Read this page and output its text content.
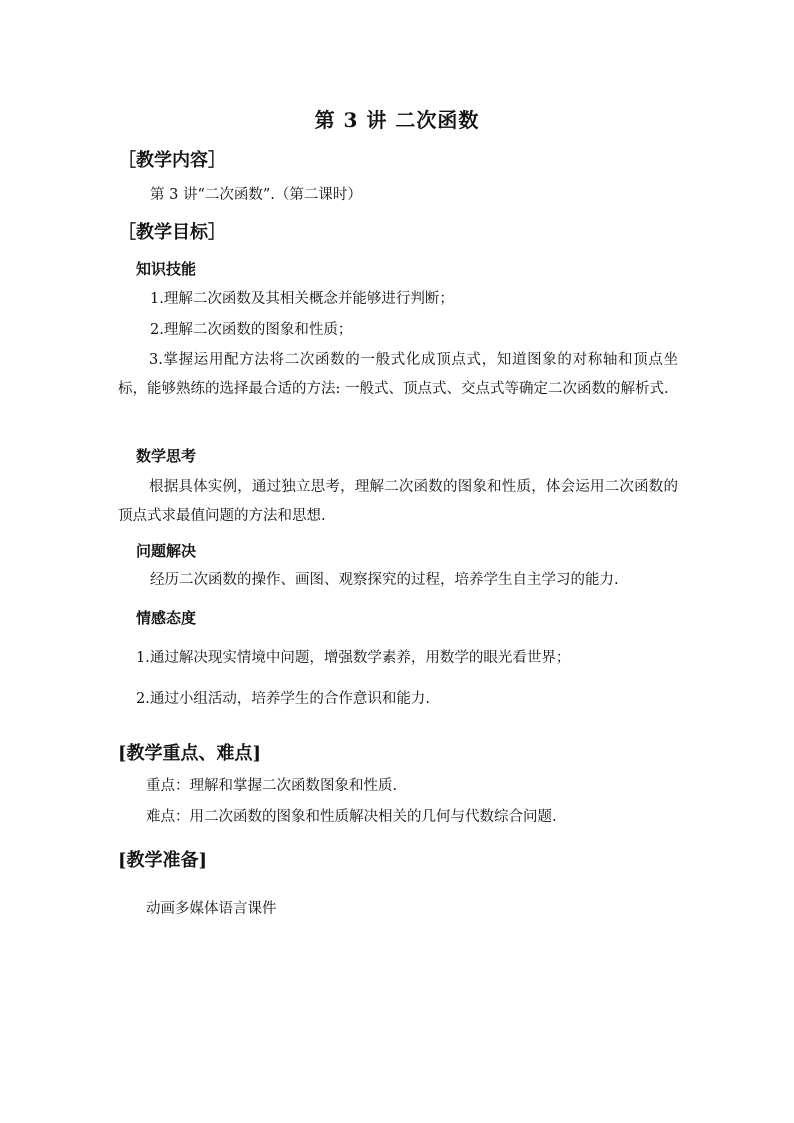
第 3 讲 二次函数
［教学内容］
第 3 讲“二次函数”.（第二课时）
［教学目标］
知识技能
1.理解二次函数及其相关概念并能够进行判断；
2.理解二次函数的图象和性质；
3.掌握运用配方法将二次函数的一般式化成顶点式，知道图象的对称轴和顶点坐标，能够熟练的选择最合适的方法: 一般式、顶点式、交点式等确定二次函数的解析式.
数学思考
根据具体实例，通过独立思考，理解二次函数的图象和性质，体会运用二次函数的顶点式求最值问题的方法和思想.
问题解决
经历二次函数的操作、画图、观察探究的过程，培养学生自主学习的能力.
情感态度
1.通过解决现实情境中问题，增强数学素养，用数学的眼光看世界；
2.通过小组活动，培养学生的合作意识和能力.
[教学重点、难点]
重点：理解和掌握二次函数图象和性质.
难点：用二次函数的图象和性质解决相关的几何与代数综合问题.
[教学准备]
动画多媒体语言课件
